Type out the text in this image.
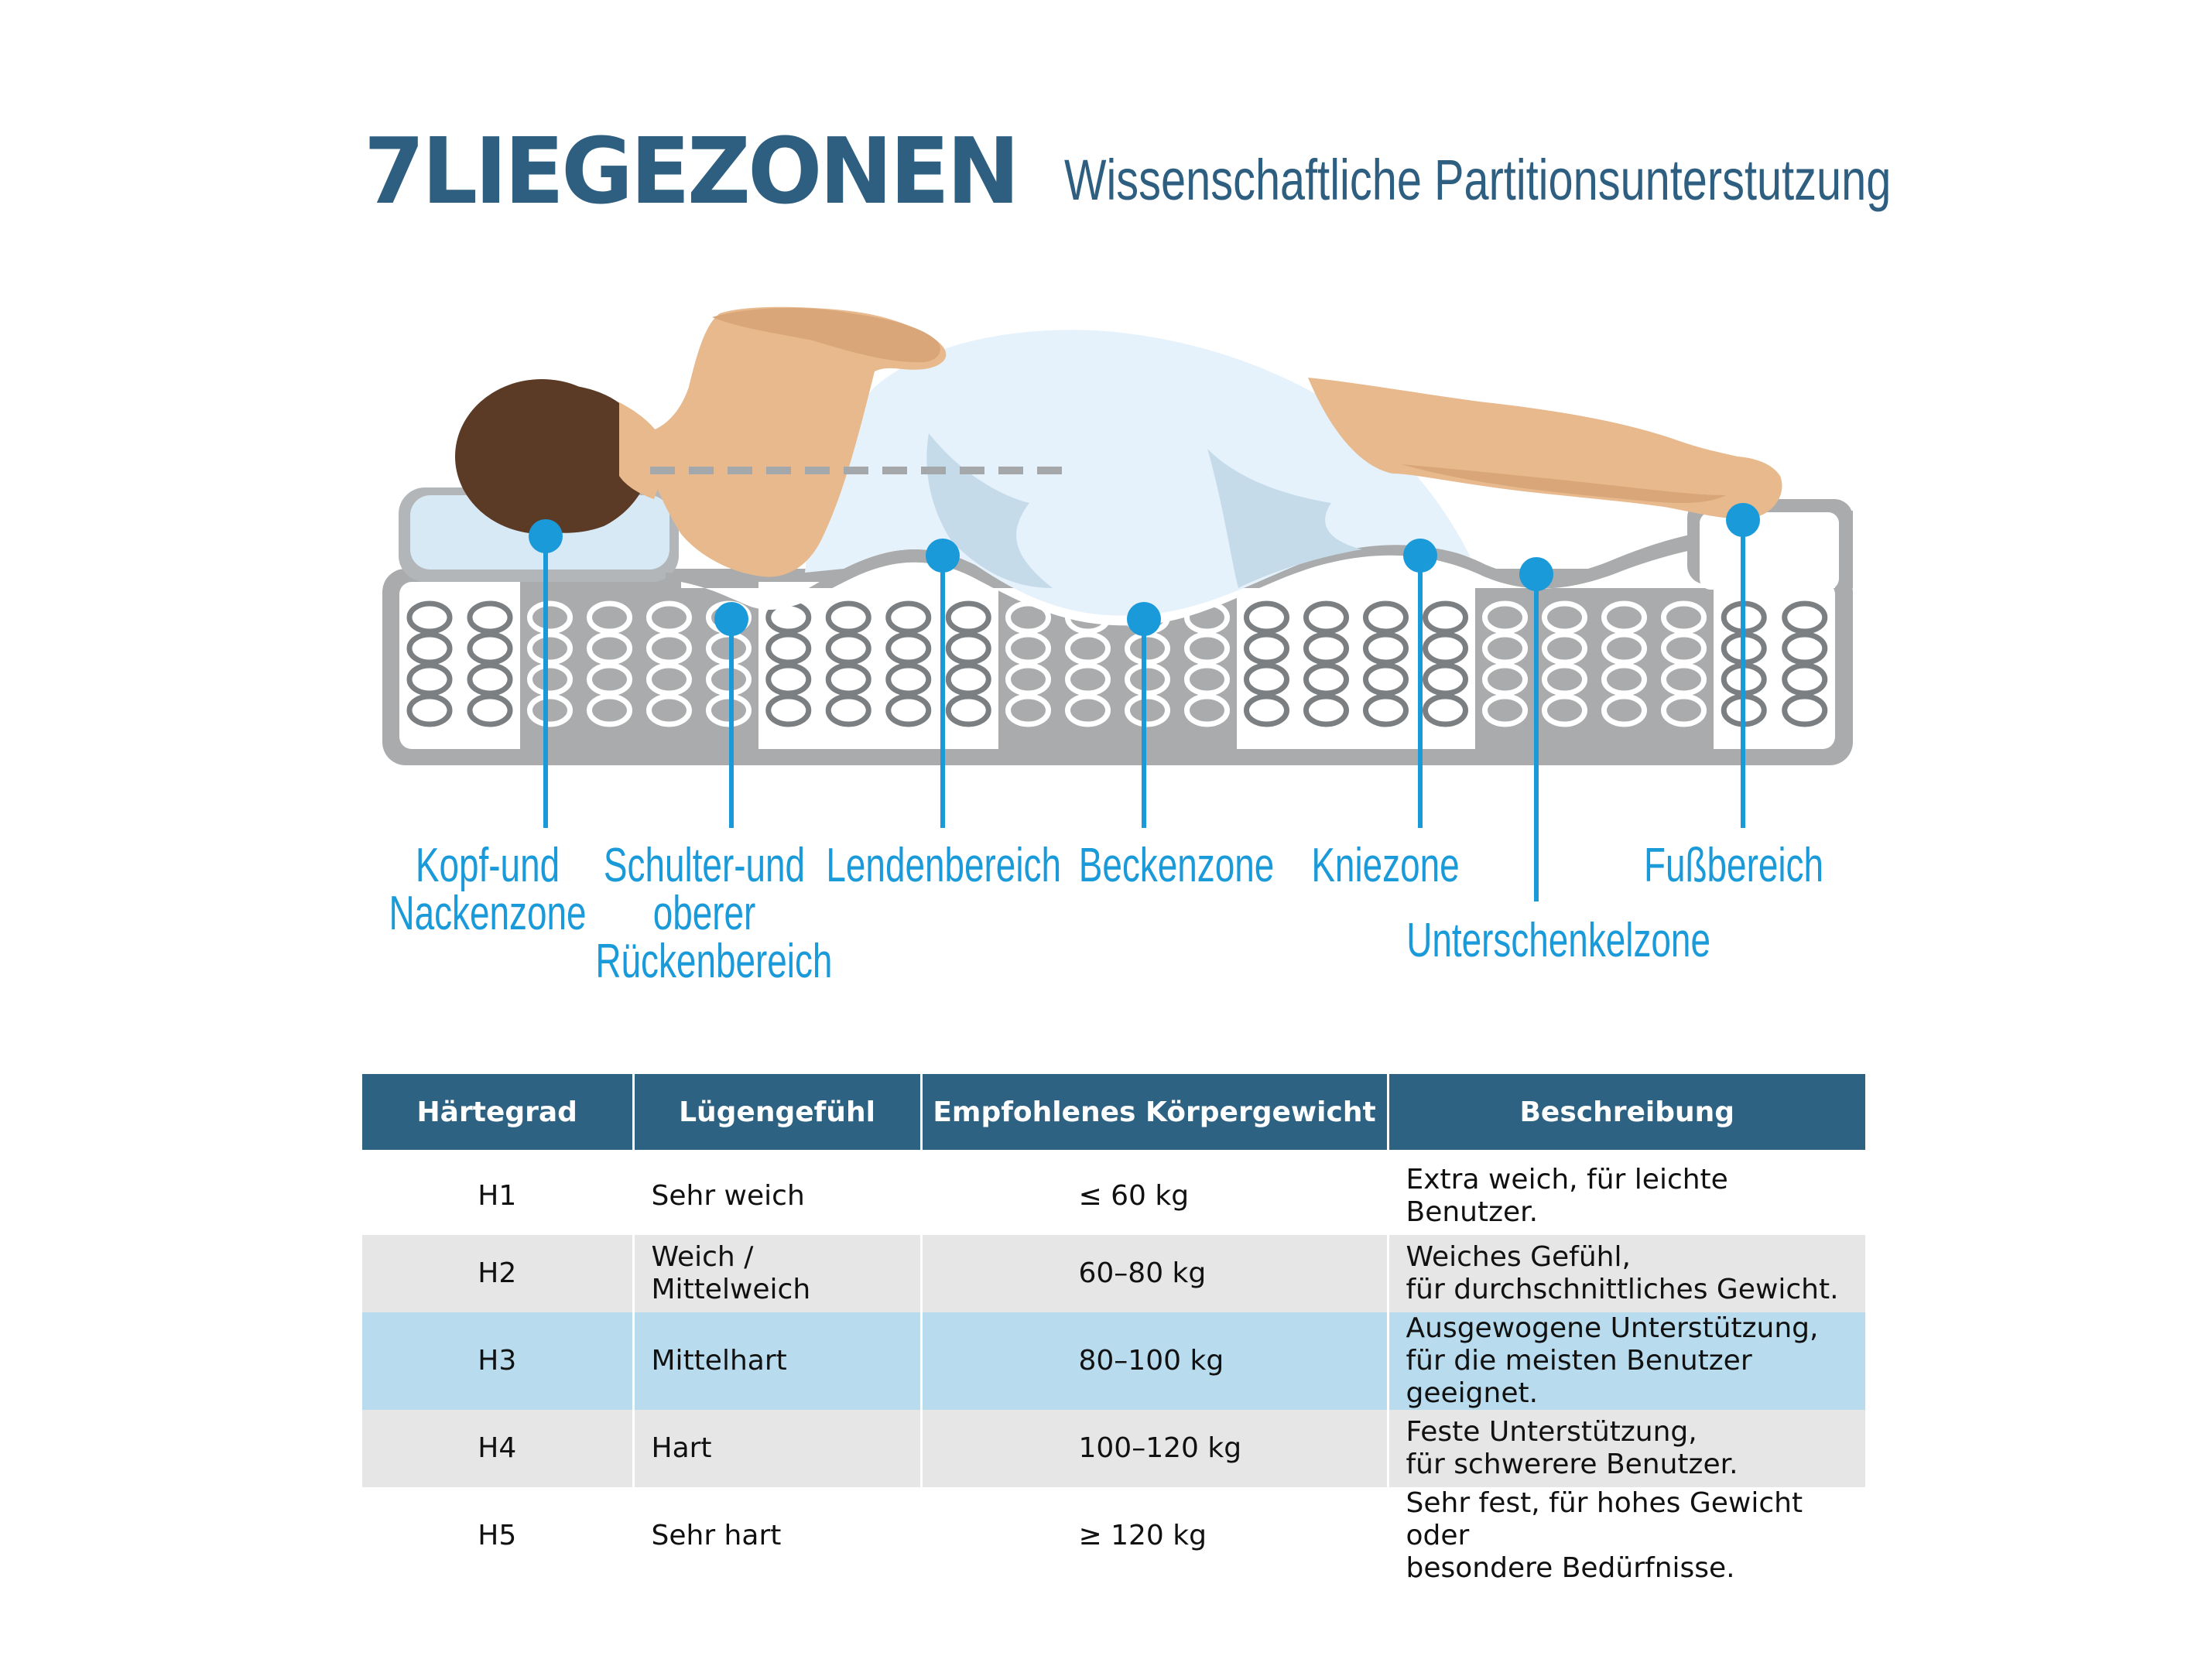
7LIEGEZONEN Wissenschaftliche Partitionsunterstutzung
Kopf-und
Nackenzone
Schulter-und
oberer
Rückenbereich
Lendenbereich Beckenzone Kniezone
Unterschenkelzone
Fußbereich
Härtegrad	Lügengefühl	Empfohlenes Körpergewicht	Beschreibung

H1	Sehr weich	≤ 60 kg	Extra weich, für leichte Benutzer.
H2	Weich / Mittelweich	60–80 kg	Weiches Gefühl,
für durchschnittliches Gewicht.
H3	Mittelhart	80–100 kg	Ausgewogene Unterstützung,
für die meisten Benutzer geeignet.
H4	Hart	100–120 kg	Feste Unterstützung,
für schwerere Benutzer.
H5	Sehr hart	≥ 120 kg	Sehr fest, für hohes Gewicht oder
besondere Bedürfnisse.
